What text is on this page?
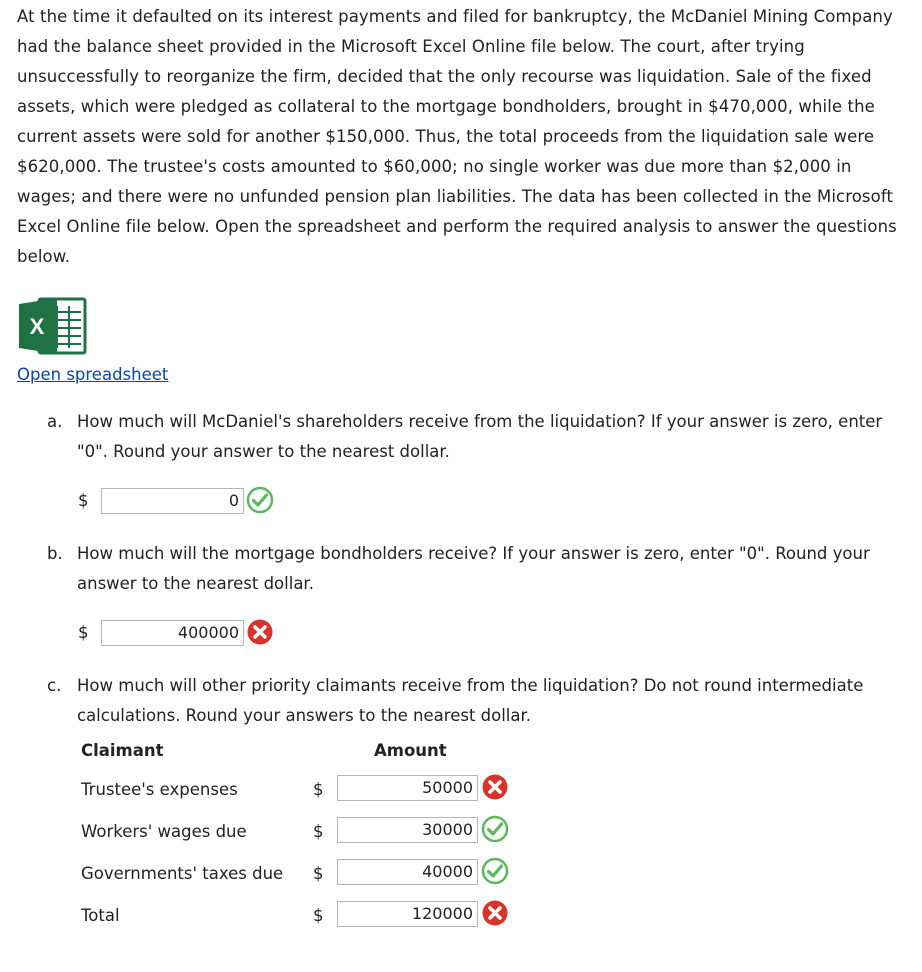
At the time it defaulted on its interest payments and filed for bankruptcy, the McDaniel Mining Company had the balance sheet provided in the Microsoft Excel Online file below. The court, after trying unsuccessfully to reorganize the firm, decided that the only recourse was liquidation. Sale of the fixed assets, which were pledged as collateral to the mortgage bondholders, brought in $470,000, while the current assets were sold for another $150,000. Thus, the total proceeds from the liquidation sale were $620,000. The trustee's costs amounted to $60,000; no single worker was due more than $2,000 in wages; and there were no unfunded pension plan liabilities. The data has been collected in the Microsoft Excel Online file below. Open the spreadsheet and perform the required analysis to answer the questions below.

X
Open spreadsheet
a. How much will McDaniel's shareholders receive from the liquidation? If your answer is zero, enter "0". Round your answer to the nearest dollar.
$	0
b. How much will the mortgage bondholders receive? If your answer is zero, enter "0". Round your answer to the nearest dollar.
$	400000
c. How much will other priority claimants receive from the liquidation? Do not round intermediate calculations. Round your answers to the nearest dollar.
Claimant	Amount
Trustee's expenses	$	50000
Workers' wages due	$	30000
Governments' taxes due $	40000
Total	$	120000
